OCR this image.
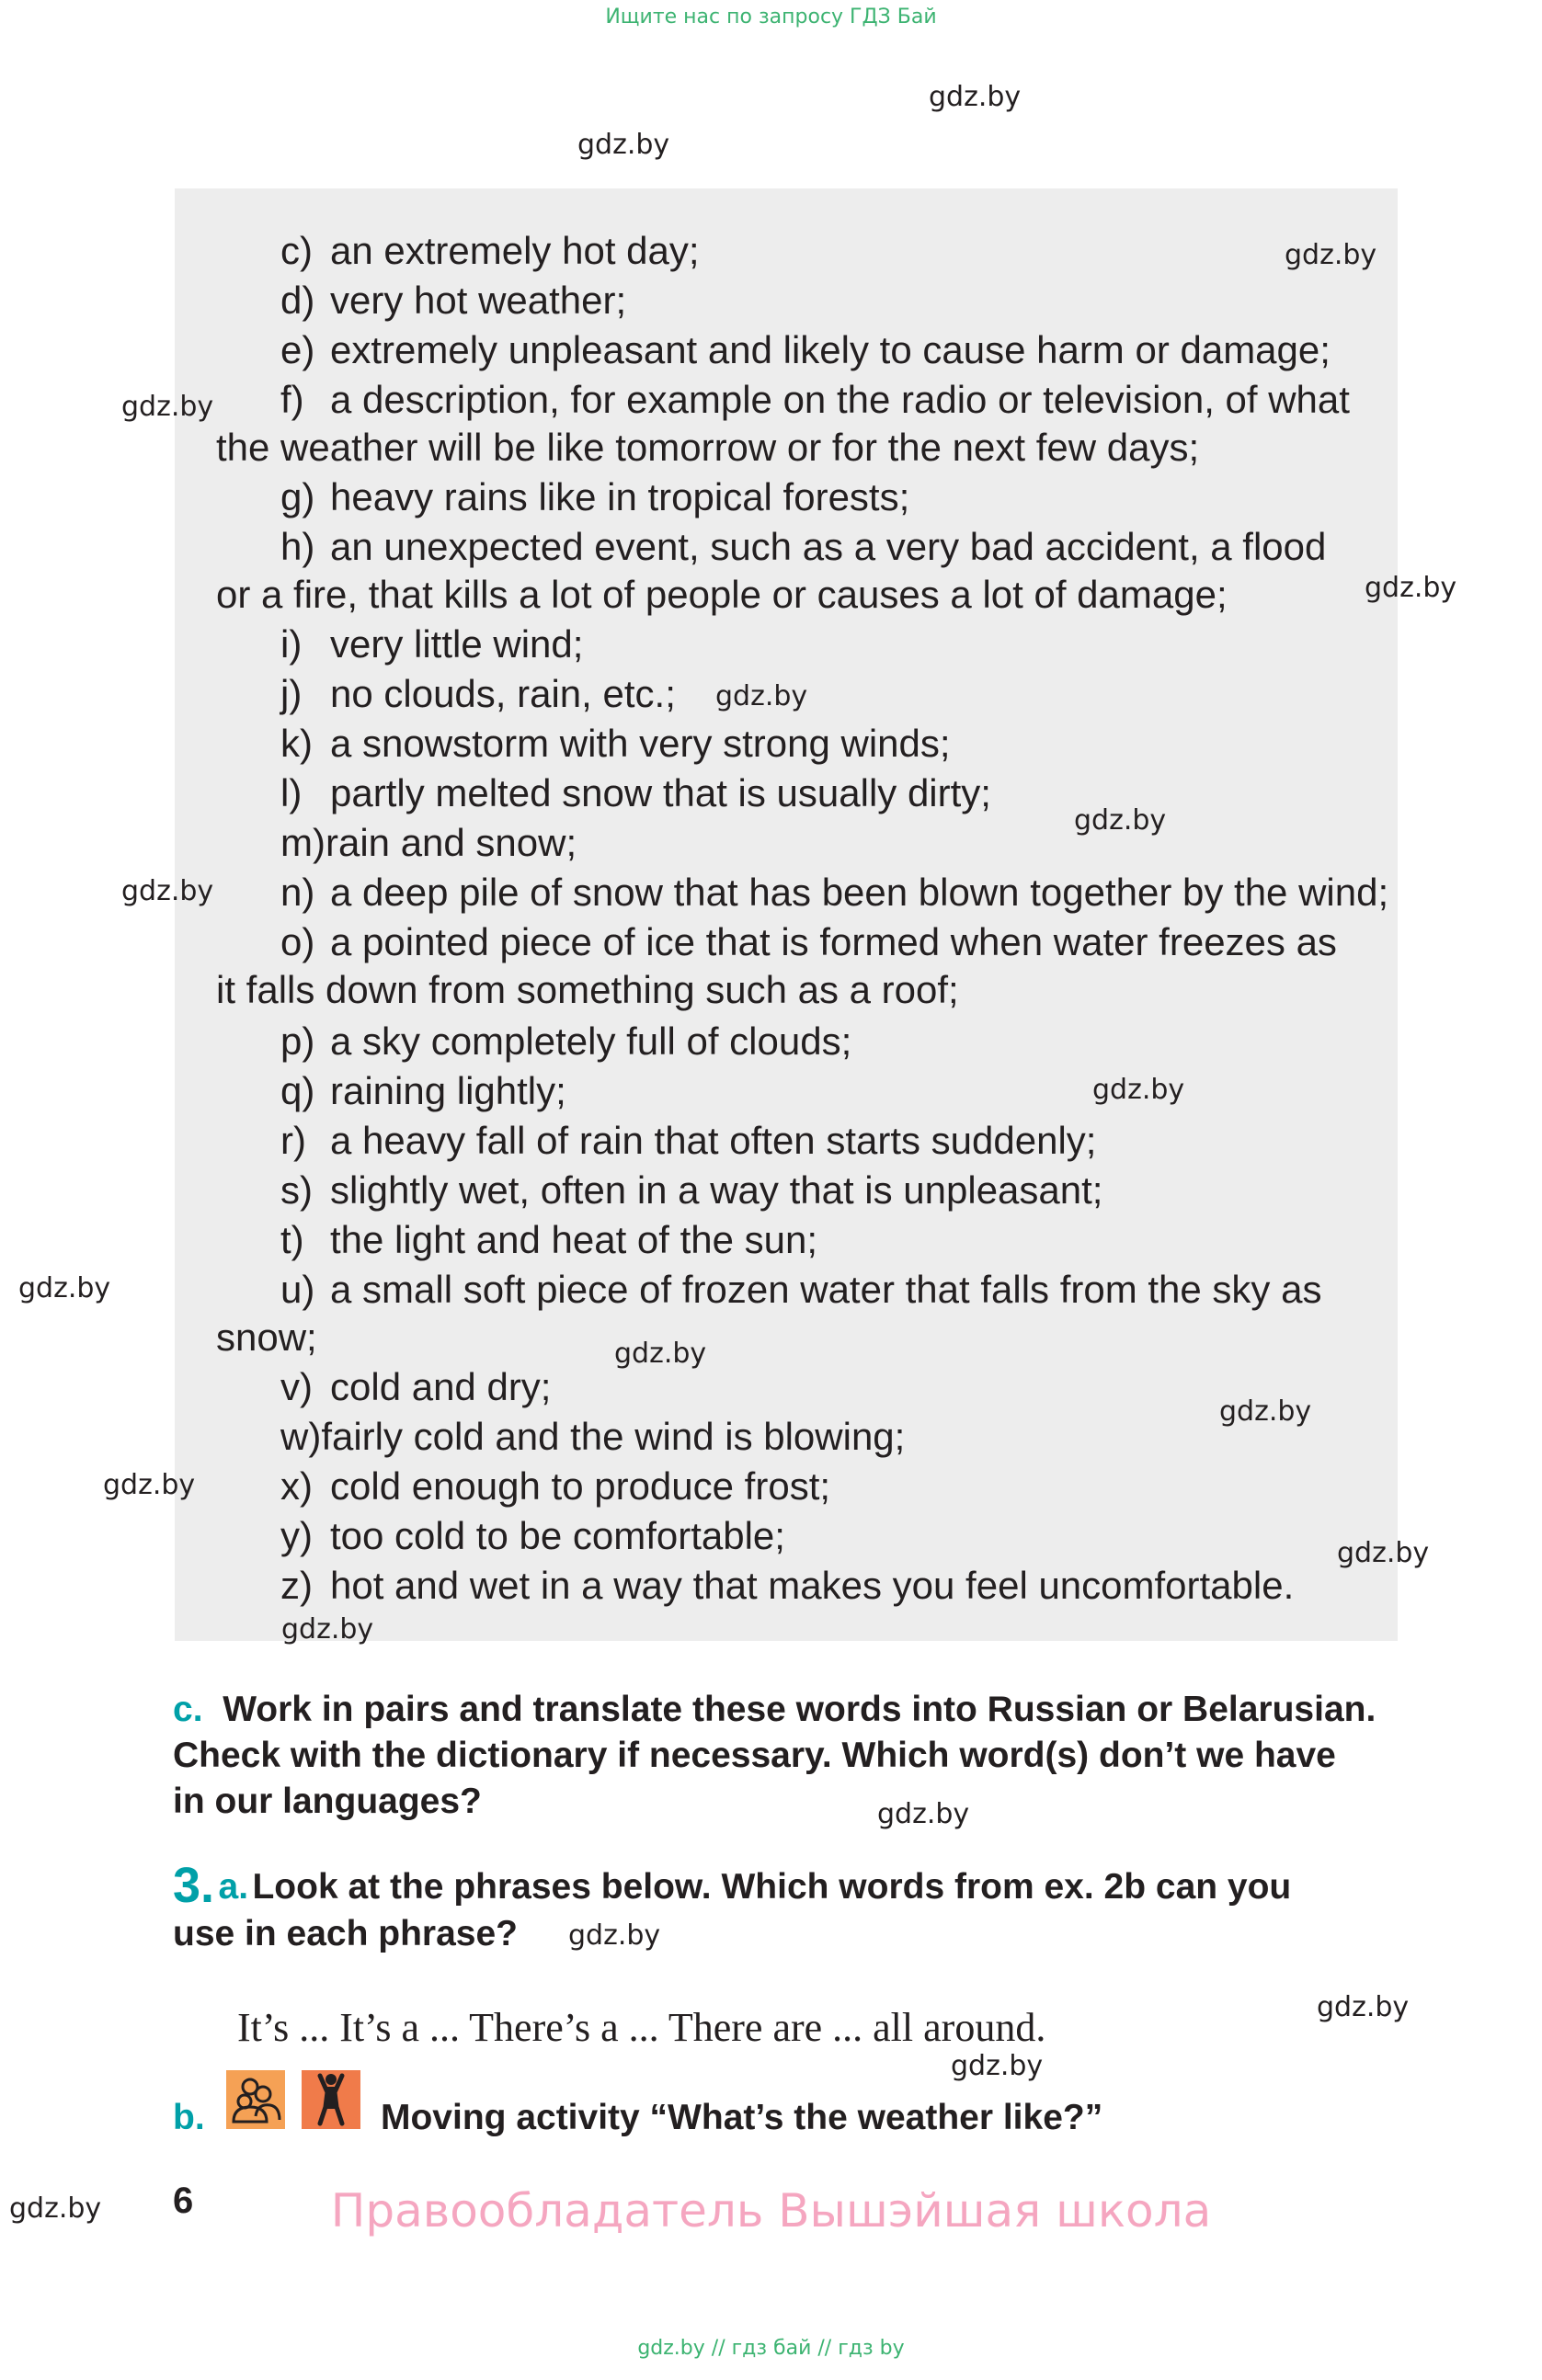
Ищите нас по запросу ГДЗ Бай
gdz.by
gdz.by
c) an extremely hot day;
d) very hot weather;
e) extremely unpleasant and likely to cause harm or damage;
f) a description, for example on the radio or television, of what
the weather will be like tomorrow or for the next few days;
g) heavy rains like in tropical forests;
h) an unexpected event, such as a very bad accident, a flood
or a fire, that kills a lot of people or causes a lot of damage;
i) very little wind;
j) no clouds, rain, etc.;
k) a snowstorm with very strong winds;
l) partly melted snow that is usually dirty;
m)rain and snow;
n) a deep pile of snow that has been blown together by the wind;
o) a pointed piece of ice that is formed when water freezes as
it falls down from something such as a roof;
p) a sky completely full of clouds;
q) raining lightly;
r) a heavy fall of rain that often starts suddenly;
s) slightly wet, often in a way that is unpleasant;
t) the light and heat of the sun;
u) a small soft piece of frozen water that falls from the sky as
snow;
v) cold and dry;
w)fairly cold and the wind is blowing;
x) cold enough to produce frost;
y) too cold to be comfortable;
z) hot and wet in a way that makes you feel uncomfortable.
gdz.by
gdz.by
gdz.by
gdz.by
gdz.by
gdz.by
gdz.by
gdz.by
gdz.by
gdz.by
gdz.by
gdz.by
gdz.by
c. Work in pairs and translate these words into Russian or Belarusian.
Check with the dictionary if necessary. Which word(s) don’t we have
in our languages?	gdz.by
3. a. Look at the phrases below. Which words from ex. 2b can you
use in each phrase? gdz.by
gdz.by
It’s ... It’s a ... There’s a ... There are ... all around.
gdz.by
b.	Moving activity “What’s the weather like?”
gdz.by 6	Правообладатель Вышэйшая школа
gdz.by // гдз бай // гдз by
